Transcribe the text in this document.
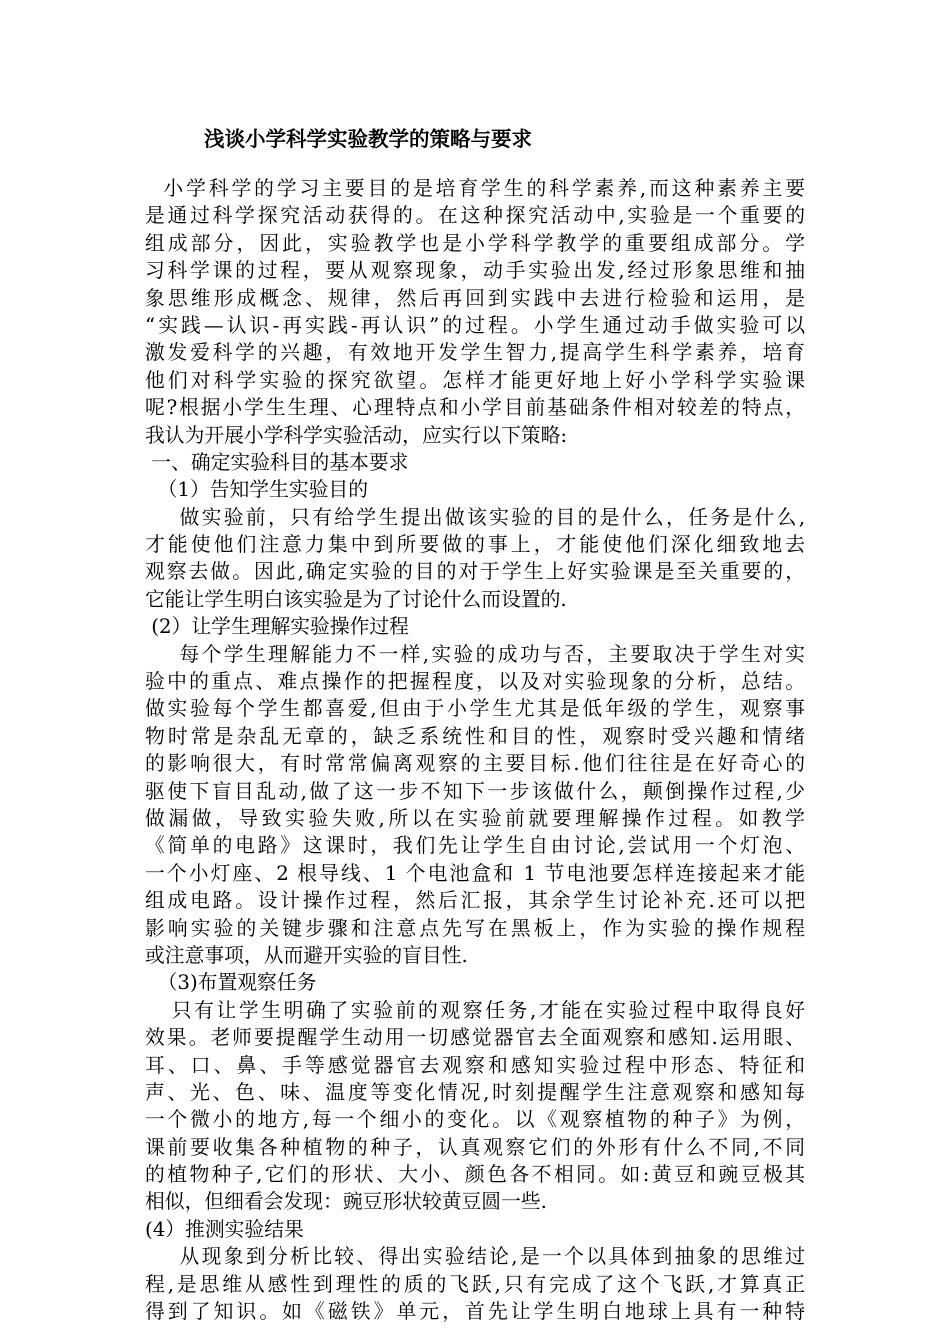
浅谈小学科学实验教学的策略与要求
小学科学的学习主要目的是培育学生的科学素养,而这种素养主要
是通过科学探究活动获得的。在这种探究活动中,实验是一个重要的
组成部分，因此，实验教学也是小学科学教学的重要组成部分。学
习科学课的过程，要从观察现象，动手实验出发,经过形象思维和抽
象思维形成概念、规律，然后再回到实践中去进行检验和运用，是
“实践—认识-再实践-再认识”的过程。小学生通过动手做实验可以
激发爱科学的兴趣，有效地开发学生智力,提高学生科学素养，培育
他们对科学实验的探究欲望。怎样才能更好地上好小学科学实验课
呢?根据小学生生理、心理特点和小学目前基础条件相对较差的特点，
我认为开展小学科学实验活动，应实行以下策略:
一、确定实验科目的基本要求
（1）告知学生实验目的
做实验前，只有给学生提出做该实验的目的是什么，任务是什么,
才能使他们注意力集中到所要做的事上，才能使他们深化细致地去
观察去做。因此,确定实验的目的对于学生上好实验课是至关重要的，
它能让学生明白该实验是为了讨论什么而设置的.
(2）让学生理解实验操作过程
每个学生理解能力不一样,实验的成功与否，主要取决于学生对实
验中的重点、难点操作的把握程度，以及对实验现象的分析，总结。
做实验每个学生都喜爱,但由于小学生尤其是低年级的学生，观察事
物时常是杂乱无章的，缺乏系统性和目的性，观察时受兴趣和情绪
的影响很大，有时常常偏离观察的主要目标.他们往往是在好奇心的
驱使下盲目乱动,做了这一步不知下一步该做什么，颠倒操作过程,少
做漏做，导致实验失败,所以在实验前就要理解操作过程。如教学
《简单的电路》这课时，我们先让学生自由讨论,尝试用一个灯泡、
一个小灯座、2 根导线、1 个电池盒和 1 节电池要怎样连接起来才能
组成电路。设计操作过程，然后汇报，其余学生讨论补充.还可以把
影响实验的关键步骤和注意点先写在黑板上，作为实验的操作规程
或注意事项，从而避开实验的盲目性.
（3)布置观察任务
只有让学生明确了实验前的观察任务,才能在实验过程中取得良好
效果。老师要提醒学生动用一切感觉器官去全面观察和感知.运用眼、
耳、口、鼻、手等感觉器官去观察和感知实验过程中形态、特征和
声、光、色、味、温度等变化情况,时刻提醒学生注意观察和感知每
一个微小的地方,每一个细小的变化。以《观察植物的种子》为例，
课前要收集各种植物的种子，认真观察它们的外形有什么不同,不同
的植物种子,它们的形状、大小、颜色各不相同。如:黄豆和豌豆极其
相似，但细看会发现：豌豆形状较黄豆圆一些.
(4）推测实验结果
从现象到分析比较、得出实验结论,是一个以具体到抽象的思维过
程,是思维从感性到理性的质的飞跃,只有完成了这个飞跃,才算真正
得到了知识。如《磁铁》单元，首先让学生明白地球上具有一种特
